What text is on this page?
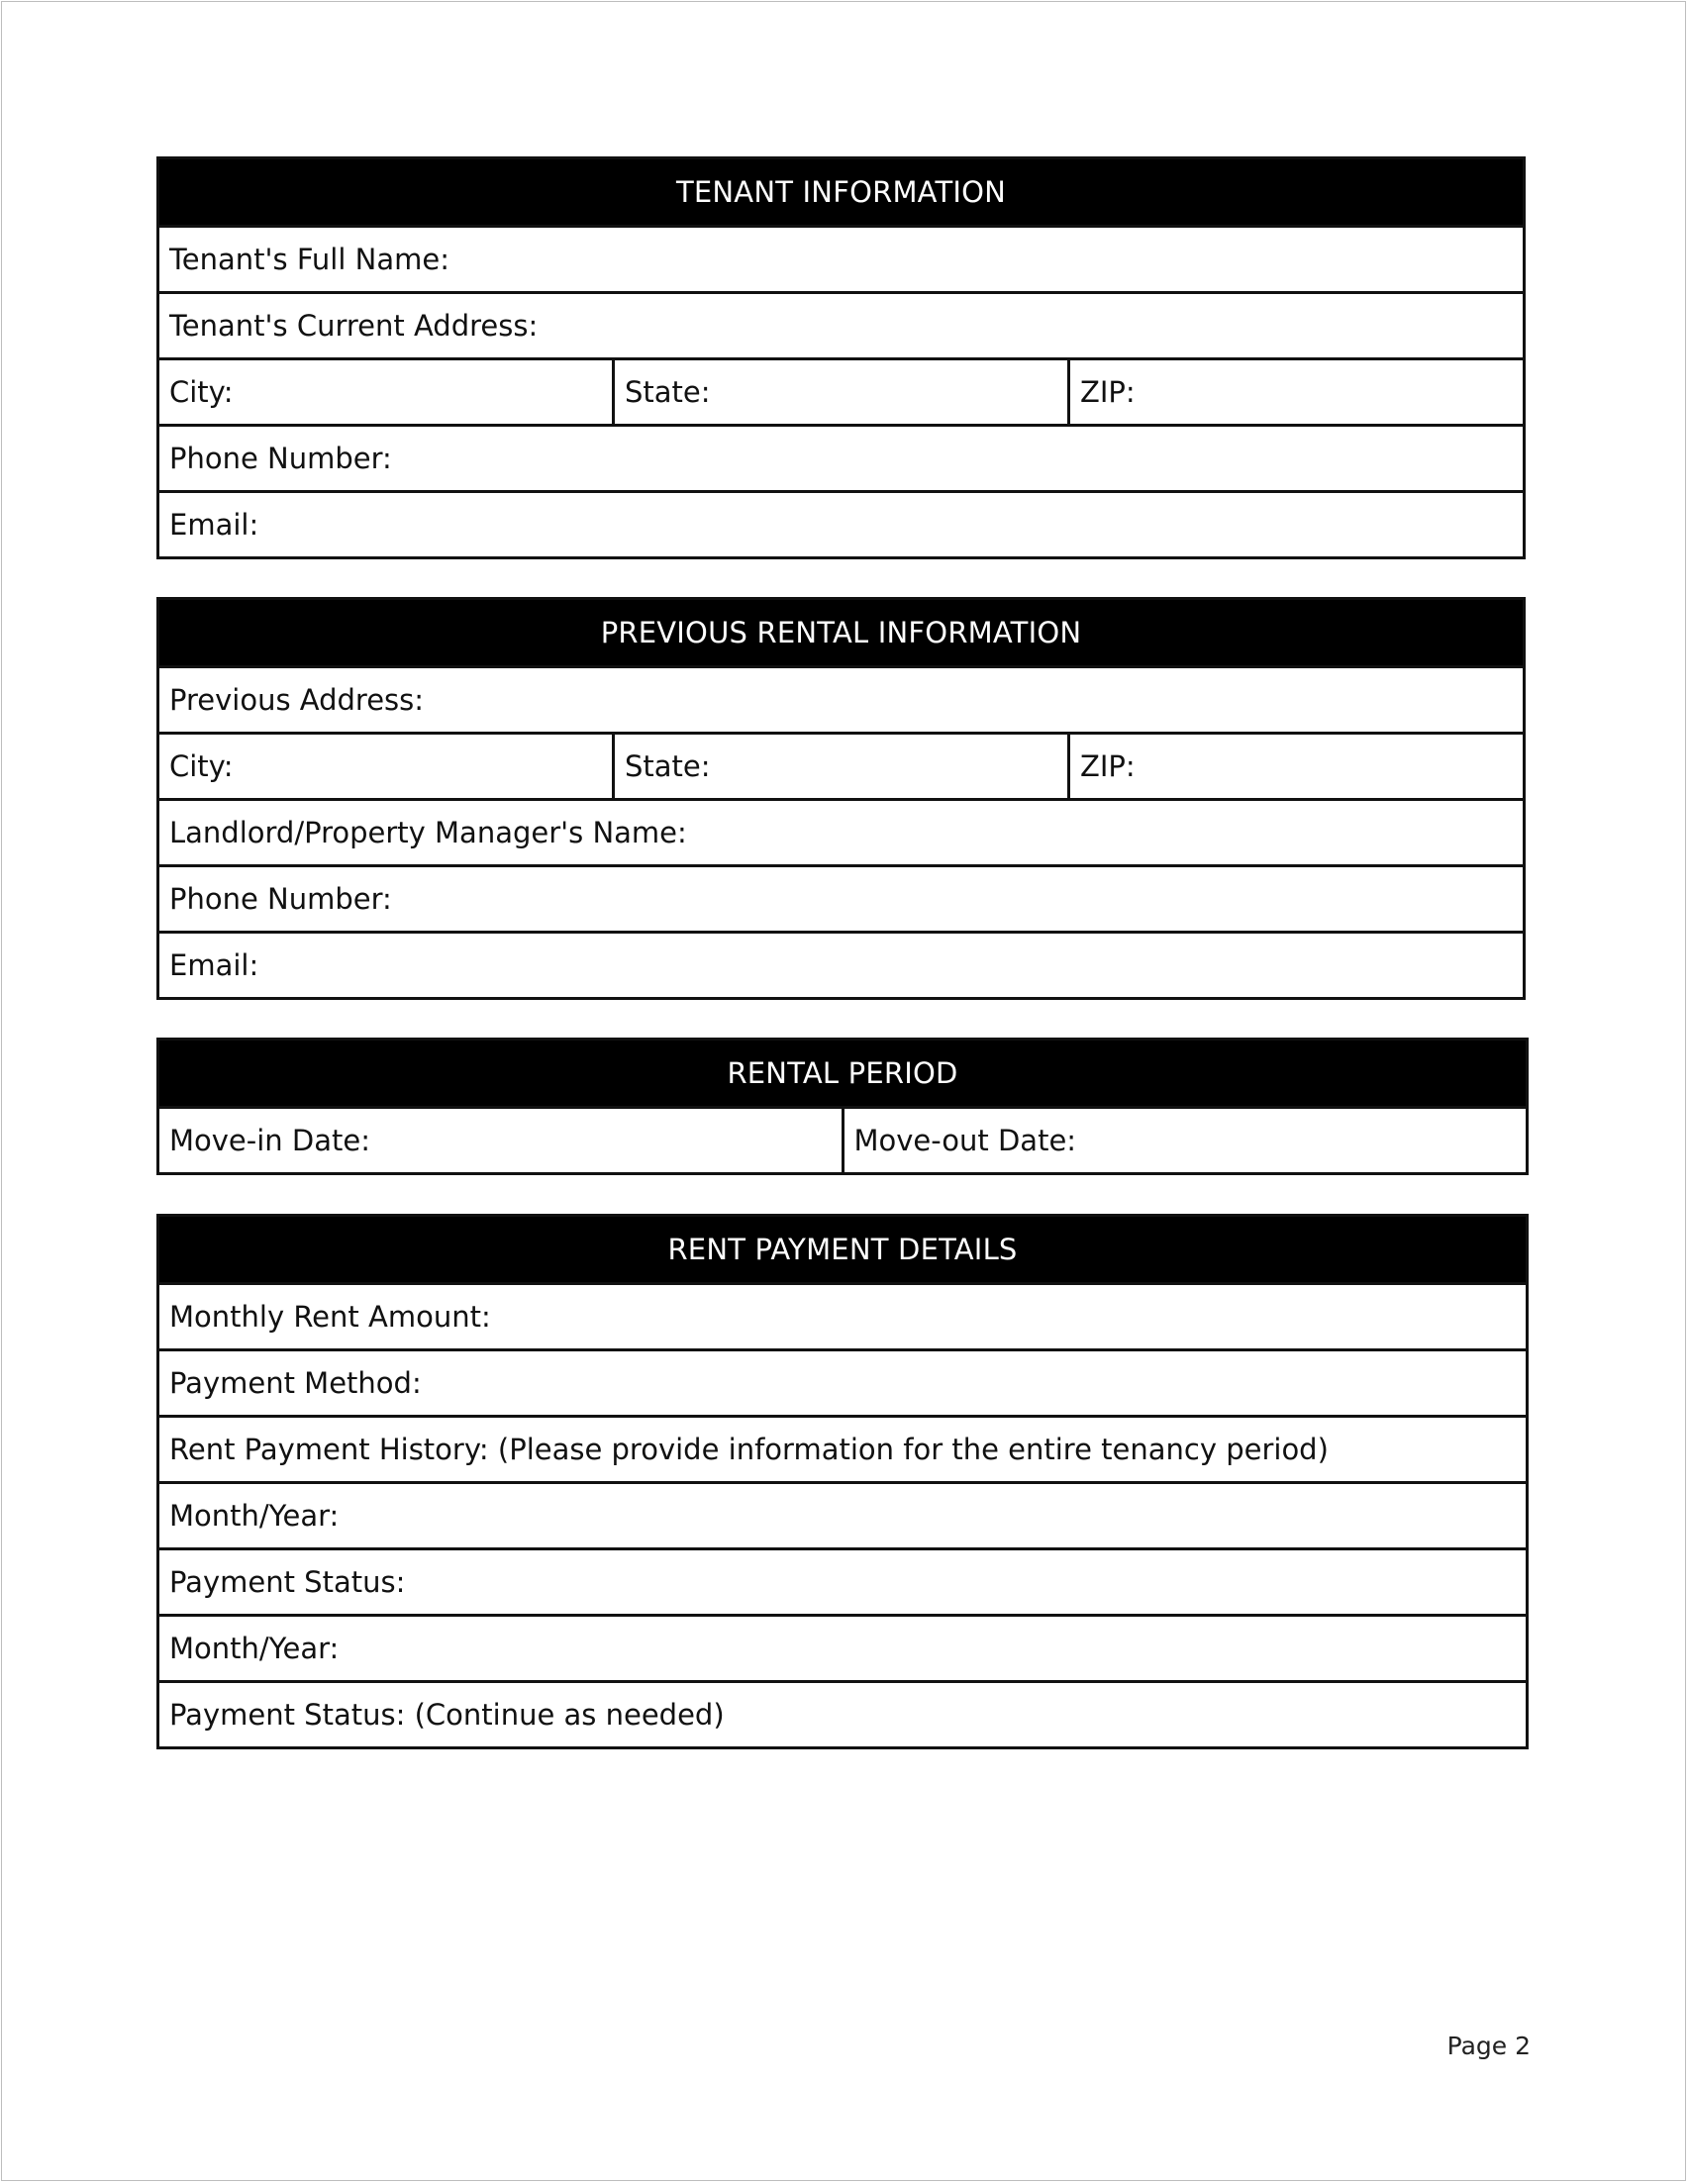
TENANT INFORMATION
Tenant's Full Name:
Tenant's Current Address:
City:	State:	ZIP:
Phone Number:
Email:
PREVIOUS RENTAL INFORMATION
Previous Address:
City:	State:	ZIP:
Landlord/Property Manager's Name:
Phone Number:
Email:
RENTAL PERIOD
Move-in Date:	Move-out Date:
RENT PAYMENT DETAILS
Monthly Rent Amount:
Payment Method:
Rent Payment History: (Please provide information for the entire tenancy period)
Month/Year:
Payment Status:
Month/Year:
Payment Status: (Continue as needed)
Page 2
